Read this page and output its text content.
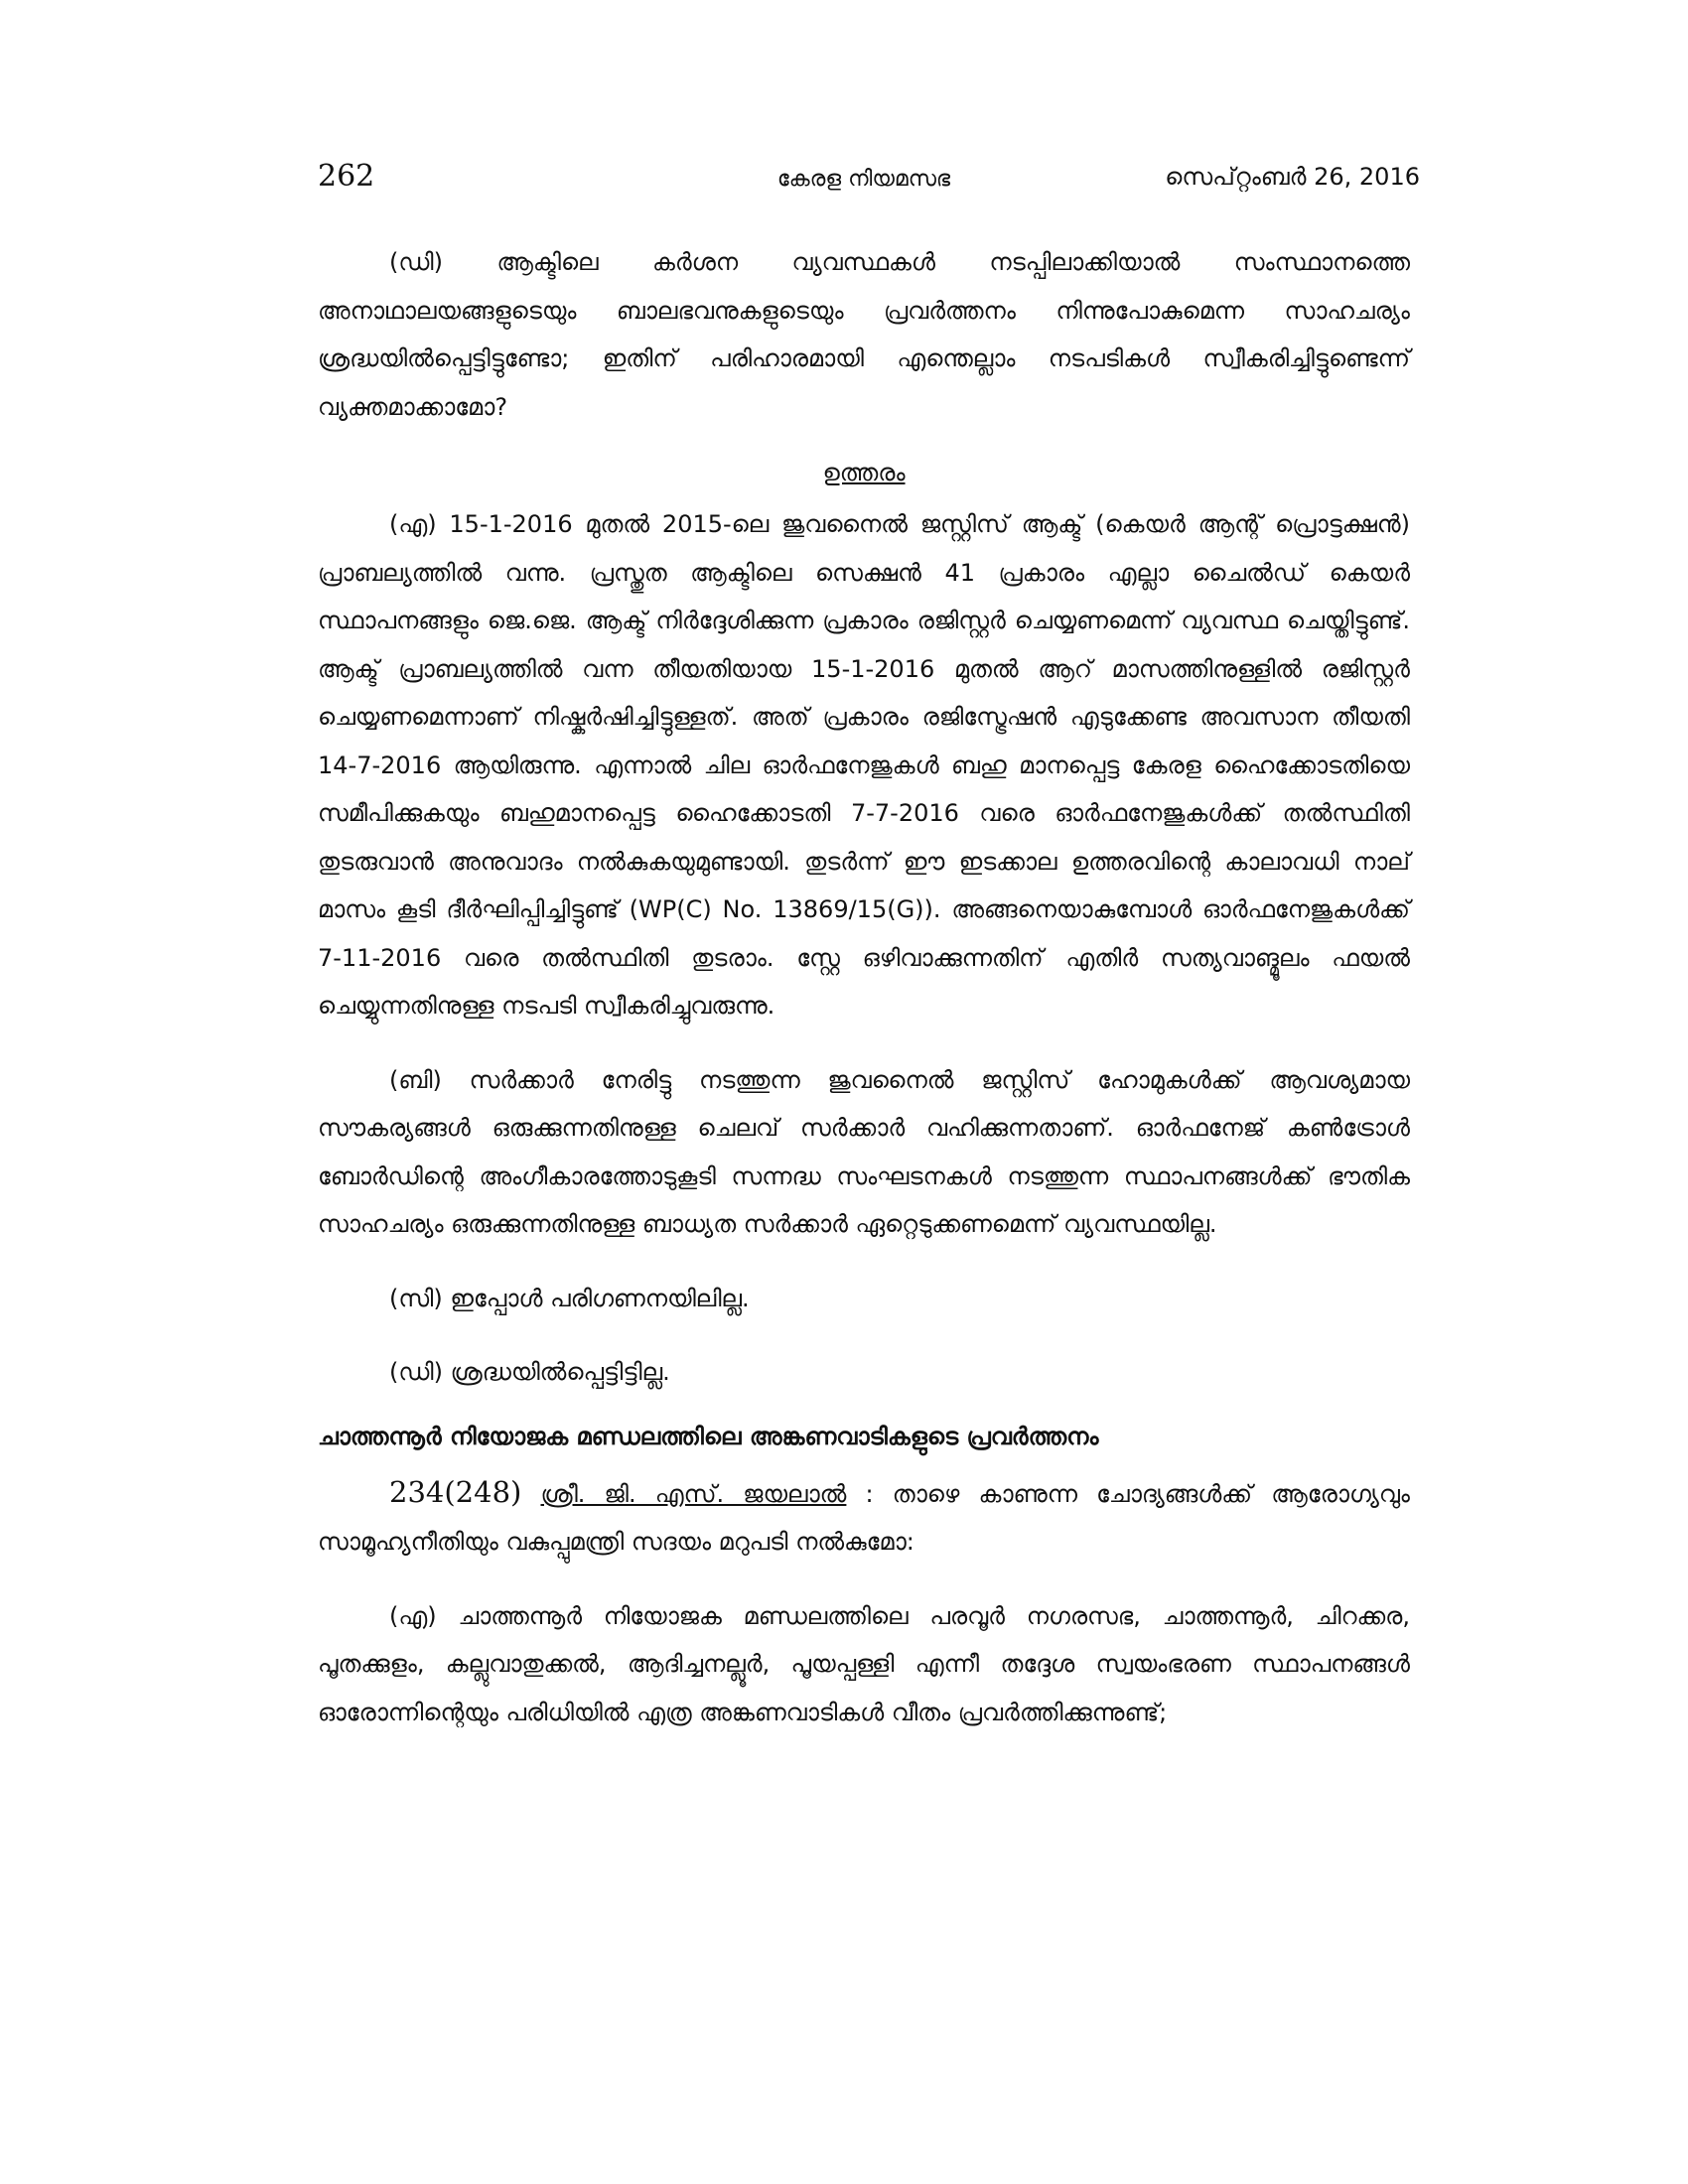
262	കേരള നിയമസഭ	സെപ്റ്റംബർ 26, 2016

(ഡി) ആക്ടിലെ കർശന വ്യവസ്ഥകൾ നടപ്പിലാക്കിയാൽ സംസ്ഥാനത്തെ അനാഥാലയങ്ങളുടെയും ബാലഭവനുകളുടെയും പ്രവർത്തനം നിന്നുപോകുമെന്ന സാഹചര്യം ശ്രദ്ധയിൽപ്പെട്ടിട്ടുണ്ടോ; ഇതിന് പരിഹാരമായി എന്തെല്ലാം നടപടികൾ സ്വീകരിച്ചിട്ടുണ്ടെന്ന് വ്യക്തമാക്കാമോ?

ഉത്തരം

(എ) 15-1-2016 മുതൽ 2015-ലെ ജുവനൈൽ ജസ്റ്റിസ് ആക്ട് (കെയർ ആന്റ് പ്രൊട്ടക്ഷൻ) പ്രാബല്യത്തിൽ വന്നു. പ്രസ്തുത ആക്ടിലെ സെക്ഷൻ 41 പ്രകാരം എല്ലാ ചൈൽഡ് കെയർ സ്ഥാപനങ്ങളും ജെ.ജെ. ആക്ട് നിർദ്ദേശിക്കുന്ന പ്രകാരം രജിസ്റ്റർ ചെയ്യണമെന്ന് വ്യവസ്ഥ ചെയ്തിട്ടുണ്ട്. ആക്ട് പ്രാബല്യത്തിൽ വന്ന തീയതിയായ 15-1-2016 മുതൽ ആറ് മാസത്തിനുള്ളിൽ രജിസ്റ്റർ ചെയ്യണമെന്നാണ് നിഷ്കർഷിച്ചിട്ടുള്ളത്. അത് പ്രകാരം രജിസ്ട്രേഷൻ എടുക്കേണ്ട അവസാന തീയതി 14-7-2016 ആയിരുന്നു. എന്നാൽ ചില ഓർഫനേജുകൾ ബഹു മാനപ്പെട്ട കേരള ഹൈക്കോടതിയെ സമീപിക്കുകയും ബഹുമാനപ്പെട്ട ഹൈക്കോടതി 7-7-2016 വരെ ഓർഫനേജുകൾക്ക് തൽസ്ഥിതി തുടരുവാൻ അനുവാദം നൽകുകയുമുണ്ടായി. തുടർന്ന് ഈ ഇടക്കാല ഉത്തരവിന്റെ കാലാവധി നാല് മാസം കൂടി ദീർഘിപ്പിച്ചിട്ടുണ്ട് (WP(C) No. 13869/15(G)). അങ്ങനെയാകുമ്പോൾ ഓർഫനേജുകൾക്ക് 7-11-2016 വരെ തൽസ്ഥിതി തുടരാം. സ്റ്റേ ഒഴിവാക്കുന്നതിന് എതിർ സത്യവാങ്മൂലം ഫയൽ ചെയ്യുന്നതിനുള്ള നടപടി സ്വീകരിച്ചുവരുന്നു.

(ബി) സർക്കാർ നേരിട്ടു നടത്തുന്ന ജുവനൈൽ ജസ്റ്റിസ് ഹോമുകൾക്ക് ആവശ്യമായ സൗകര്യങ്ങൾ ഒരുക്കുന്നതിനുള്ള ചെലവ് സർക്കാർ വഹിക്കുന്നതാണ്. ഓർഫനേജ് കൺട്രോൾ ബോർഡിന്റെ അംഗീകാരത്തോടുകൂടി സന്നദ്ധ സംഘടനകൾ നടത്തുന്ന സ്ഥാപനങ്ങൾക്ക് ഭൗതിക സാഹചര്യം ഒരുക്കുന്നതിനുള്ള ബാധ്യത സർക്കാർ ഏറ്റെടുക്കണമെന്ന് വ്യവസ്ഥയില്ല.

(സി) ഇപ്പോൾ പരിഗണനയിലില്ല.

(ഡി) ശ്രദ്ധയിൽപ്പെട്ടിട്ടില്ല.

ചാത്തന്നൂർ നിയോജക മണ്ഡലത്തിലെ അങ്കണവാടികളുടെ പ്രവർത്തനം

234(248) ശ്രീ. ജി. എസ്. ജയലാൽ : താഴെ കാണുന്ന ചോദ്യങ്ങൾക്ക് ആരോഗ്യവും സാമൂഹ്യനീതിയും വകുപ്പുമന്ത്രി സദയം മറുപടി നൽകുമോ:

(എ) ചാത്തന്നൂർ നിയോജക മണ്ഡലത്തിലെ പരവൂർ നഗരസഭ, ചാത്തന്നൂർ, ചിറക്കര, പൂതക്കുളം, കല്ലുവാതുക്കൽ, ആദിച്ചനല്ലൂർ, പൂയപ്പള്ളി എന്നീ തദ്ദേശ സ്വയംഭരണ സ്ഥാപനങ്ങൾ ഓരോന്നിന്റെയും പരിധിയിൽ എത്ര അങ്കണവാടികൾ വീതം പ്രവർത്തിക്കുന്നുണ്ട്;
